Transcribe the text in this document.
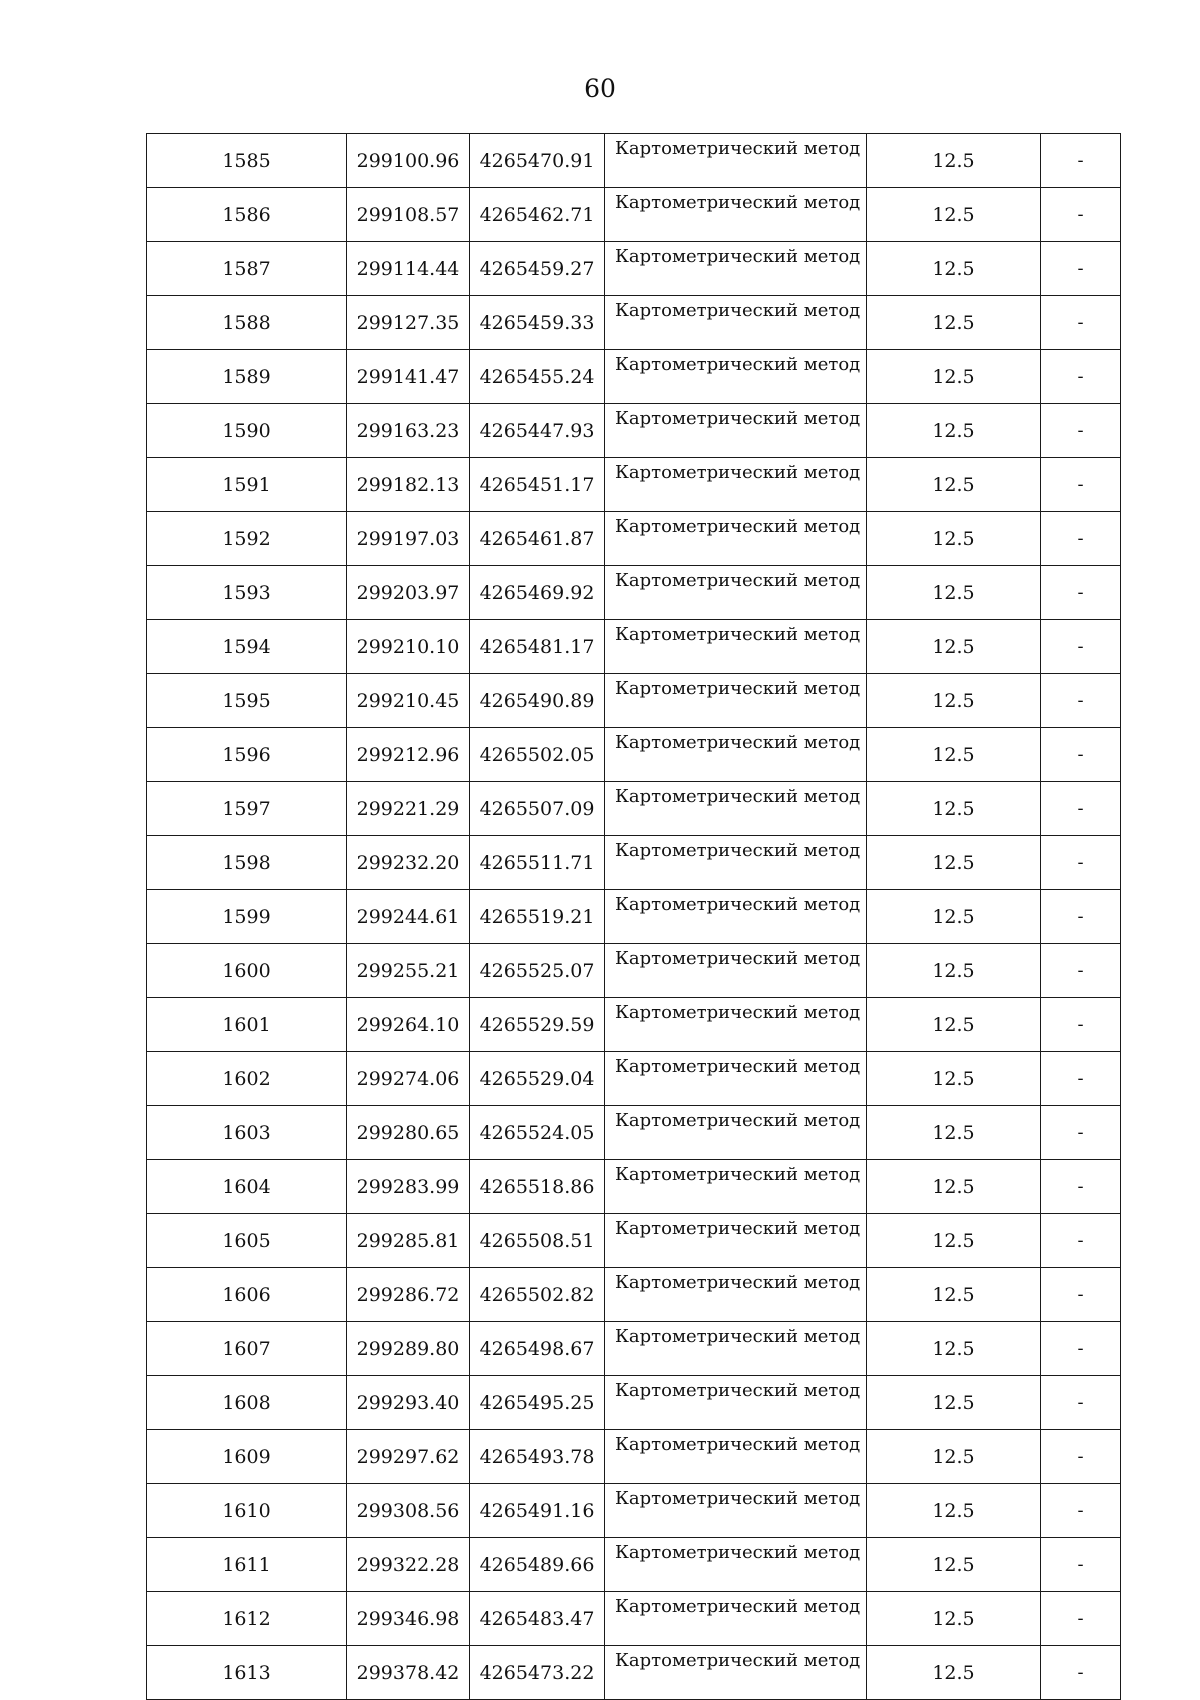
60
1585	299100.96	4265470.91	Картометрический метод	12.5	-
1586	299108.57	4265462.71	Картометрический метод	12.5	-
1587	299114.44	4265459.27	Картометрический метод	12.5	-
1588	299127.35	4265459.33	Картометрический метод	12.5	-
1589	299141.47	4265455.24	Картометрический метод	12.5	-
1590	299163.23	4265447.93	Картометрический метод	12.5	-
1591	299182.13	4265451.17	Картометрический метод	12.5	-
1592	299197.03	4265461.87	Картометрический метод	12.5	-
1593	299203.97	4265469.92	Картометрический метод	12.5	-
1594	299210.10	4265481.17	Картометрический метод	12.5	-
1595	299210.45	4265490.89	Картометрический метод	12.5	-
1596	299212.96	4265502.05	Картометрический метод	12.5	-
1597	299221.29	4265507.09	Картометрический метод	12.5	-
1598	299232.20	4265511.71	Картометрический метод	12.5	-
1599	299244.61	4265519.21	Картометрический метод	12.5	-
1600	299255.21	4265525.07	Картометрический метод	12.5	-
1601	299264.10	4265529.59	Картометрический метод	12.5	-
1602	299274.06	4265529.04	Картометрический метод	12.5	-
1603	299280.65	4265524.05	Картометрический метод	12.5	-
1604	299283.99	4265518.86	Картометрический метод	12.5	-
1605	299285.81	4265508.51	Картометрический метод	12.5	-
1606	299286.72	4265502.82	Картометрический метод	12.5	-
1607	299289.80	4265498.67	Картометрический метод	12.5	-
1608	299293.40	4265495.25	Картометрический метод	12.5	-
1609	299297.62	4265493.78	Картометрический метод	12.5	-
1610	299308.56	4265491.16	Картометрический метод	12.5	-
1611	299322.28	4265489.66	Картометрический метод	12.5	-
1612	299346.98	4265483.47	Картометрический метод	12.5	-
1613	299378.42	4265473.22	Картометрический метод	12.5	-
